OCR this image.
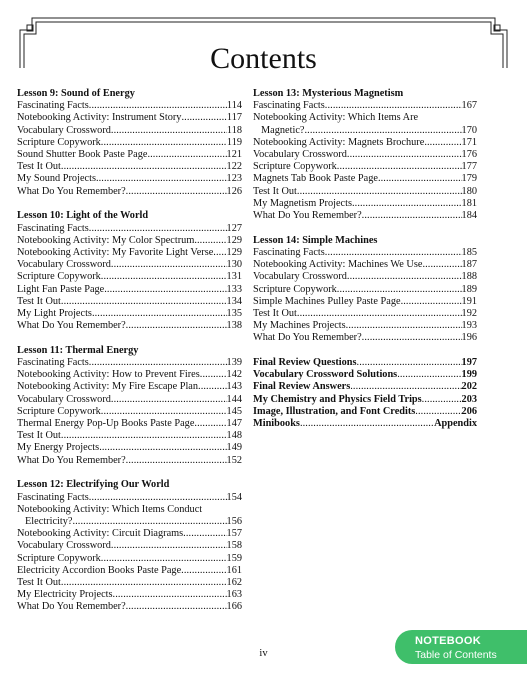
Contents
Lesson 9: Sound of Energy
Fascinating Facts .....	114
Notebooking Activity: Instrument Story .....	117
Vocabulary Crossword .....	118
Scripture Copywork .....	119
Sound Shutter Book Paste Page .....	121
Test It Out .....	122
My Sound Projects .....	123
What Do You Remember? .....	126
Lesson 10: Light of the World
Fascinating Facts .....	127
Notebooking Activity: My Color Spectrum .....	129
Notebooking Activity: My Favorite Light Verse ..... 129
Vocabulary Crossword .....	130
Scripture Copywork .....	131
Light Fan Paste Page .....	133
Test It Out .....	134
My Light Projects .....	135
What Do You Remember? .....	138
Lesson 11: Thermal Energy
Fascinating Facts .....	139
Notebooking Activity: How to Prevent Fires .....	142
Notebooking Activity: My Fire Escape Plan .....	143
Vocabulary Crossword .....	144
Scripture Copywork .....	145
Thermal Energy Pop-Up Books Paste Page .....	147
Test It Out .....	148
My Energy Projects .....	149
What Do You Remember? .....	152
Lesson 12: Electrifying Our World
Fascinating Facts .....	154
Notebooking Activity: Which Items Conduct
Electricity? .....	156
Notebooking Activity: Circuit Diagrams .....	157
Vocabulary Crossword .....	158
Scripture Copywork .....	159
Electricity Accordion Books Paste Page .....	161
Test It Out .....	162
My Electricity Projects .....	163
What Do You Remember? .....	166
Lesson 13: Mysterious Magnetism
Fascinating Facts .....	167
Notebooking Activity: Which Items Are
Magnetic? .....	170
Notebooking Activity: Magnets Brochure .....	171
Vocabulary Crossword .....	176
Scripture Copywork .....	177
Magnets Tab Book Paste Page .....	179
Test It Out .....	180
My Magnetism Projects .....	181
What Do You Remember? .....	184
Lesson 14: Simple Machines
Fascinating Facts .....	185
Notebooking Activity: Machines We Use .....	187
Vocabulary Crossword .....	188
Scripture Copywork .....	189
Simple Machines Pulley Paste Page .....	191
Test It Out .....	192
My Machines Projects .....	193
What Do You Remember? .....	196
Final Review Questions .....	197
Vocabulary Crossword Solutions .....	199
Final Review Answers .....	202
My Chemistry and Physics Field Trips .....	203
Image, Illustration, and Font Credits .....	206
Minibooks .....	Appendix
iv
NOTEBOOK
Table of Contents
